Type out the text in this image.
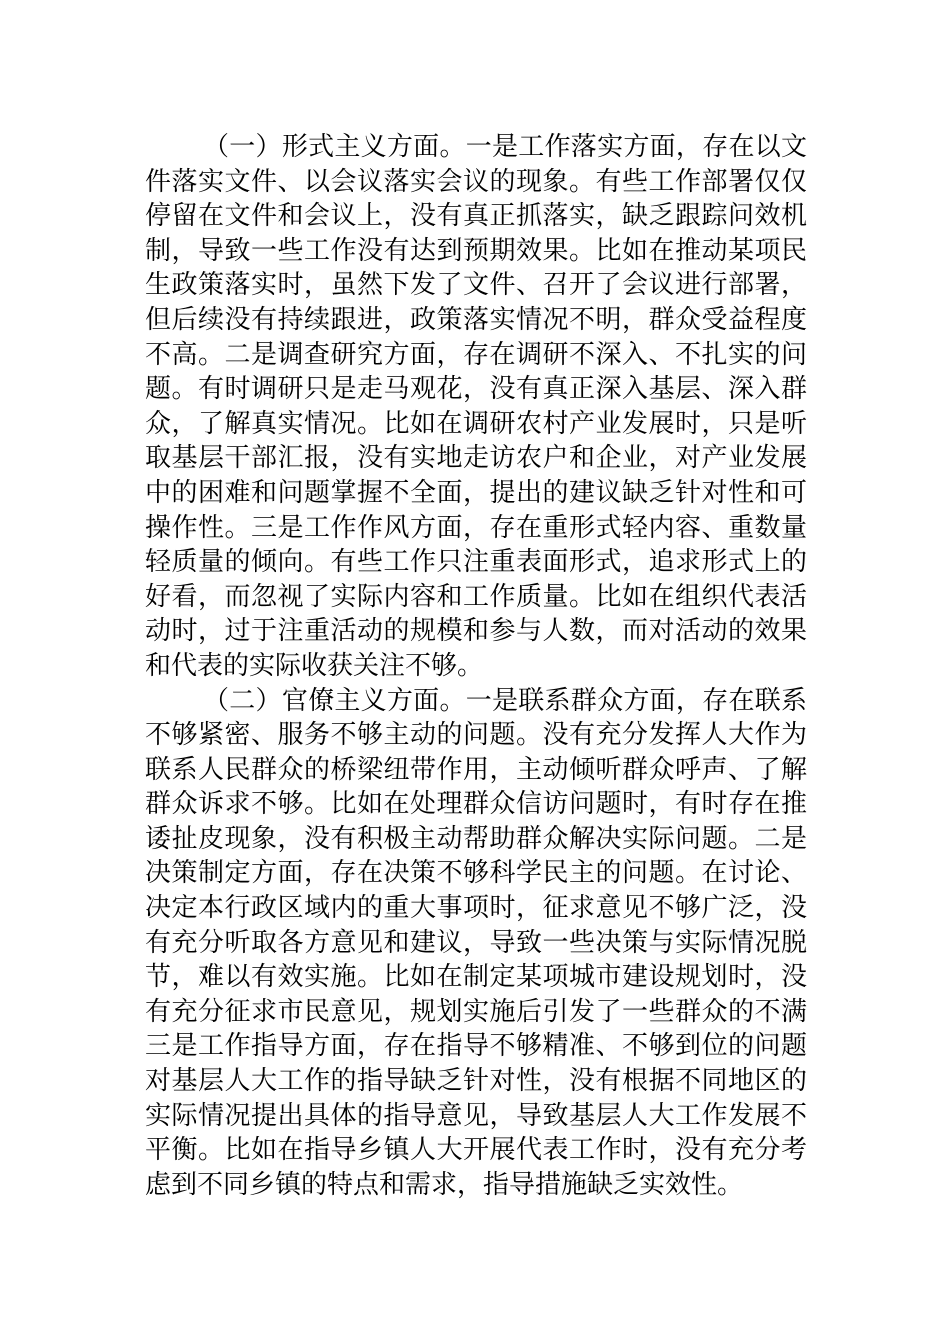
（一）形式主义方面。一是工作落实方面，存在以文
件落实文件、以会议落实会议的现象。有些工作部署仅仅
停留在文件和会议上，没有真正抓落实，缺乏跟踪问效机
制，导致一些工作没有达到预期效果。比如在推动某项民
生政策落实时，虽然下发了文件、召开了会议进行部署，
但后续没有持续跟进，政策落实情况不明，群众受益程度
不高。二是调查研究方面，存在调研不深入、不扎实的问
题。有时调研只是走马观花，没有真正深入基层、深入群
众，了解真实情况。比如在调研农村产业发展时，只是听
取基层干部汇报，没有实地走访农户和企业，对产业发展
中的困难和问题掌握不全面，提出的建议缺乏针对性和可
操作性。三是工作作风方面，存在重形式轻内容、重数量
轻质量的倾向。有些工作只注重表面形式，追求形式上的
好看，而忽视了实际内容和工作质量。比如在组织代表活
动时，过于注重活动的规模和参与人数，而对活动的效果
和代表的实际收获关注不够。
（二）官僚主义方面。一是联系群众方面，存在联系
不够紧密、服务不够主动的问题。没有充分发挥人大作为
联系人民群众的桥梁纽带作用，主动倾听群众呼声、了解
群众诉求不够。比如在处理群众信访问题时，有时存在推
诿扯皮现象，没有积极主动帮助群众解决实际问题。二是
决策制定方面，存在决策不够科学民主的问题。在讨论、
决定本行政区域内的重大事项时，征求意见不够广泛，没
有充分听取各方意见和建议，导致一些决策与实际情况脱
节，难以有效实施。比如在制定某项城市建设规划时，没
有充分征求市民意见，规划实施后引发了一些群众的不满
三是工作指导方面，存在指导不够精准、不够到位的问题
对基层人大工作的指导缺乏针对性，没有根据不同地区的
实际情况提出具体的指导意见，导致基层人大工作发展不
平衡。比如在指导乡镇人大开展代表工作时，没有充分考
虑到不同乡镇的特点和需求，指导措施缺乏实效性。
